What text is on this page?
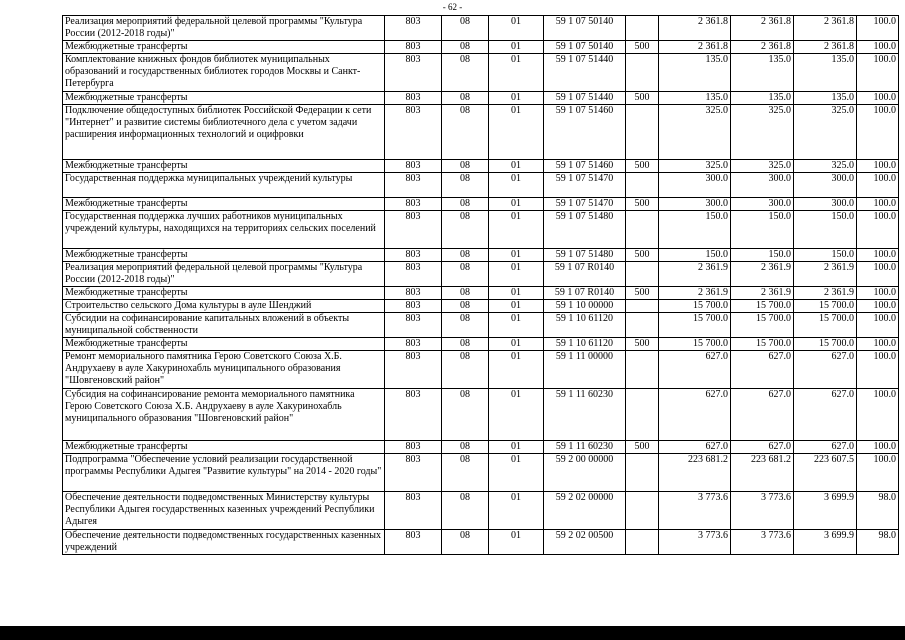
- 62 -
Реализация мероприятий федеральной целевой программы "Культура России (2012-2018 годы)"	803	08	01	59 1 07 50140		2 361.8	2 361.8	2 361.8	100.0
Межбюджетные трансферты	803	08	01	59 1 07 50140	500	2 361.8	2 361.8	2 361.8	100.0
Комплектование книжных фондов библиотек муниципальных образований и государственных библиотек городов Москвы и Санкт-Петербурга	803	08	01	59 1 07 51440		135.0	135.0	135.0	100.0
Межбюджетные трансферты	803	08	01	59 1 07 51440	500	135.0	135.0	135.0	100.0
Подключение общедоступных библиотек Российской Федерации к сети "Интернет" и развитие системы библиотечного дела с учетом задачи расширения информационных технологий и оцифровки	803	08	01	59 1 07 51460		325.0	325.0	325.0	100.0
Межбюджетные трансферты	803	08	01	59 1 07 51460	500	325.0	325.0	325.0	100.0
Государственная поддержка муниципальных учреждений культуры	803	08	01	59 1 07 51470		300.0	300.0	300.0	100.0
Межбюджетные трансферты	803	08	01	59 1 07 51470	500	300.0	300.0	300.0	100.0
Государственная поддержка лучших работников муниципальных учреждений культуры, находящихся на территориях сельских поселений	803	08	01	59 1 07 51480		150.0	150.0	150.0	100.0
Межбюджетные трансферты	803	08	01	59 1 07 51480	500	150.0	150.0	150.0	100.0
Реализация мероприятий федеральной целевой программы "Культура России (2012-2018 годы)"	803	08	01	59 1 07 R0140		2 361.9	2 361.9	2 361.9	100.0
Межбюджетные трансферты	803	08	01	59 1 07 R0140	500	2 361.9	2 361.9	2 361.9	100.0
Строительство сельского Дома культуры в ауле Шенджий	803	08	01	59 1 10 00000		15 700.0	15 700.0	15 700.0	100.0
Субсидии на софинансирование капитальных вложений в объекты муниципальной собственности	803	08	01	59 1 10 61120		15 700.0	15 700.0	15 700.0	100.0
Межбюджетные трансферты	803	08	01	59 1 10 61120	500	15 700.0	15 700.0	15 700.0	100.0
Ремонт мемориального памятника Герою Советского Союза Х.Б. Андрухаеву в ауле Хакуринохабль муниципального образования "Шовгеновский район"	803	08	01	59 1 11 00000		627.0	627.0	627.0	100.0
Субсидия на софинансирование ремонта мемориального памятника Герою Советского Союза Х.Б. Андрухаеву в ауле Хакуринохабль муниципального образования "Шовгеновский район"	803	08	01	59 1 11 60230		627.0	627.0	627.0	100.0
Межбюджетные трансферты	803	08	01	59 1 11 60230	500	627.0	627.0	627.0	100.0
Подпрограмма "Обеспечение условий реализации государственной программы Республики Адыгея "Развитие культуры" на 2014 - 2020 годы"	803	08	01	59 2 00 00000		223 681.2	223 681.2	223 607.5	100.0
Обеспечение деятельности подведомственных Министерству культуры Республики Адыгея государственных казенных учреждений Республики Адыгея	803	08	01	59 2 02 00000		3 773.6	3 773.6	3 699.9	98.0
Обеспечение деятельности подведомственных государственных казенных учреждений	803	08	01	59 2 02 00500		3 773.6	3 773.6	3 699.9	98.0
